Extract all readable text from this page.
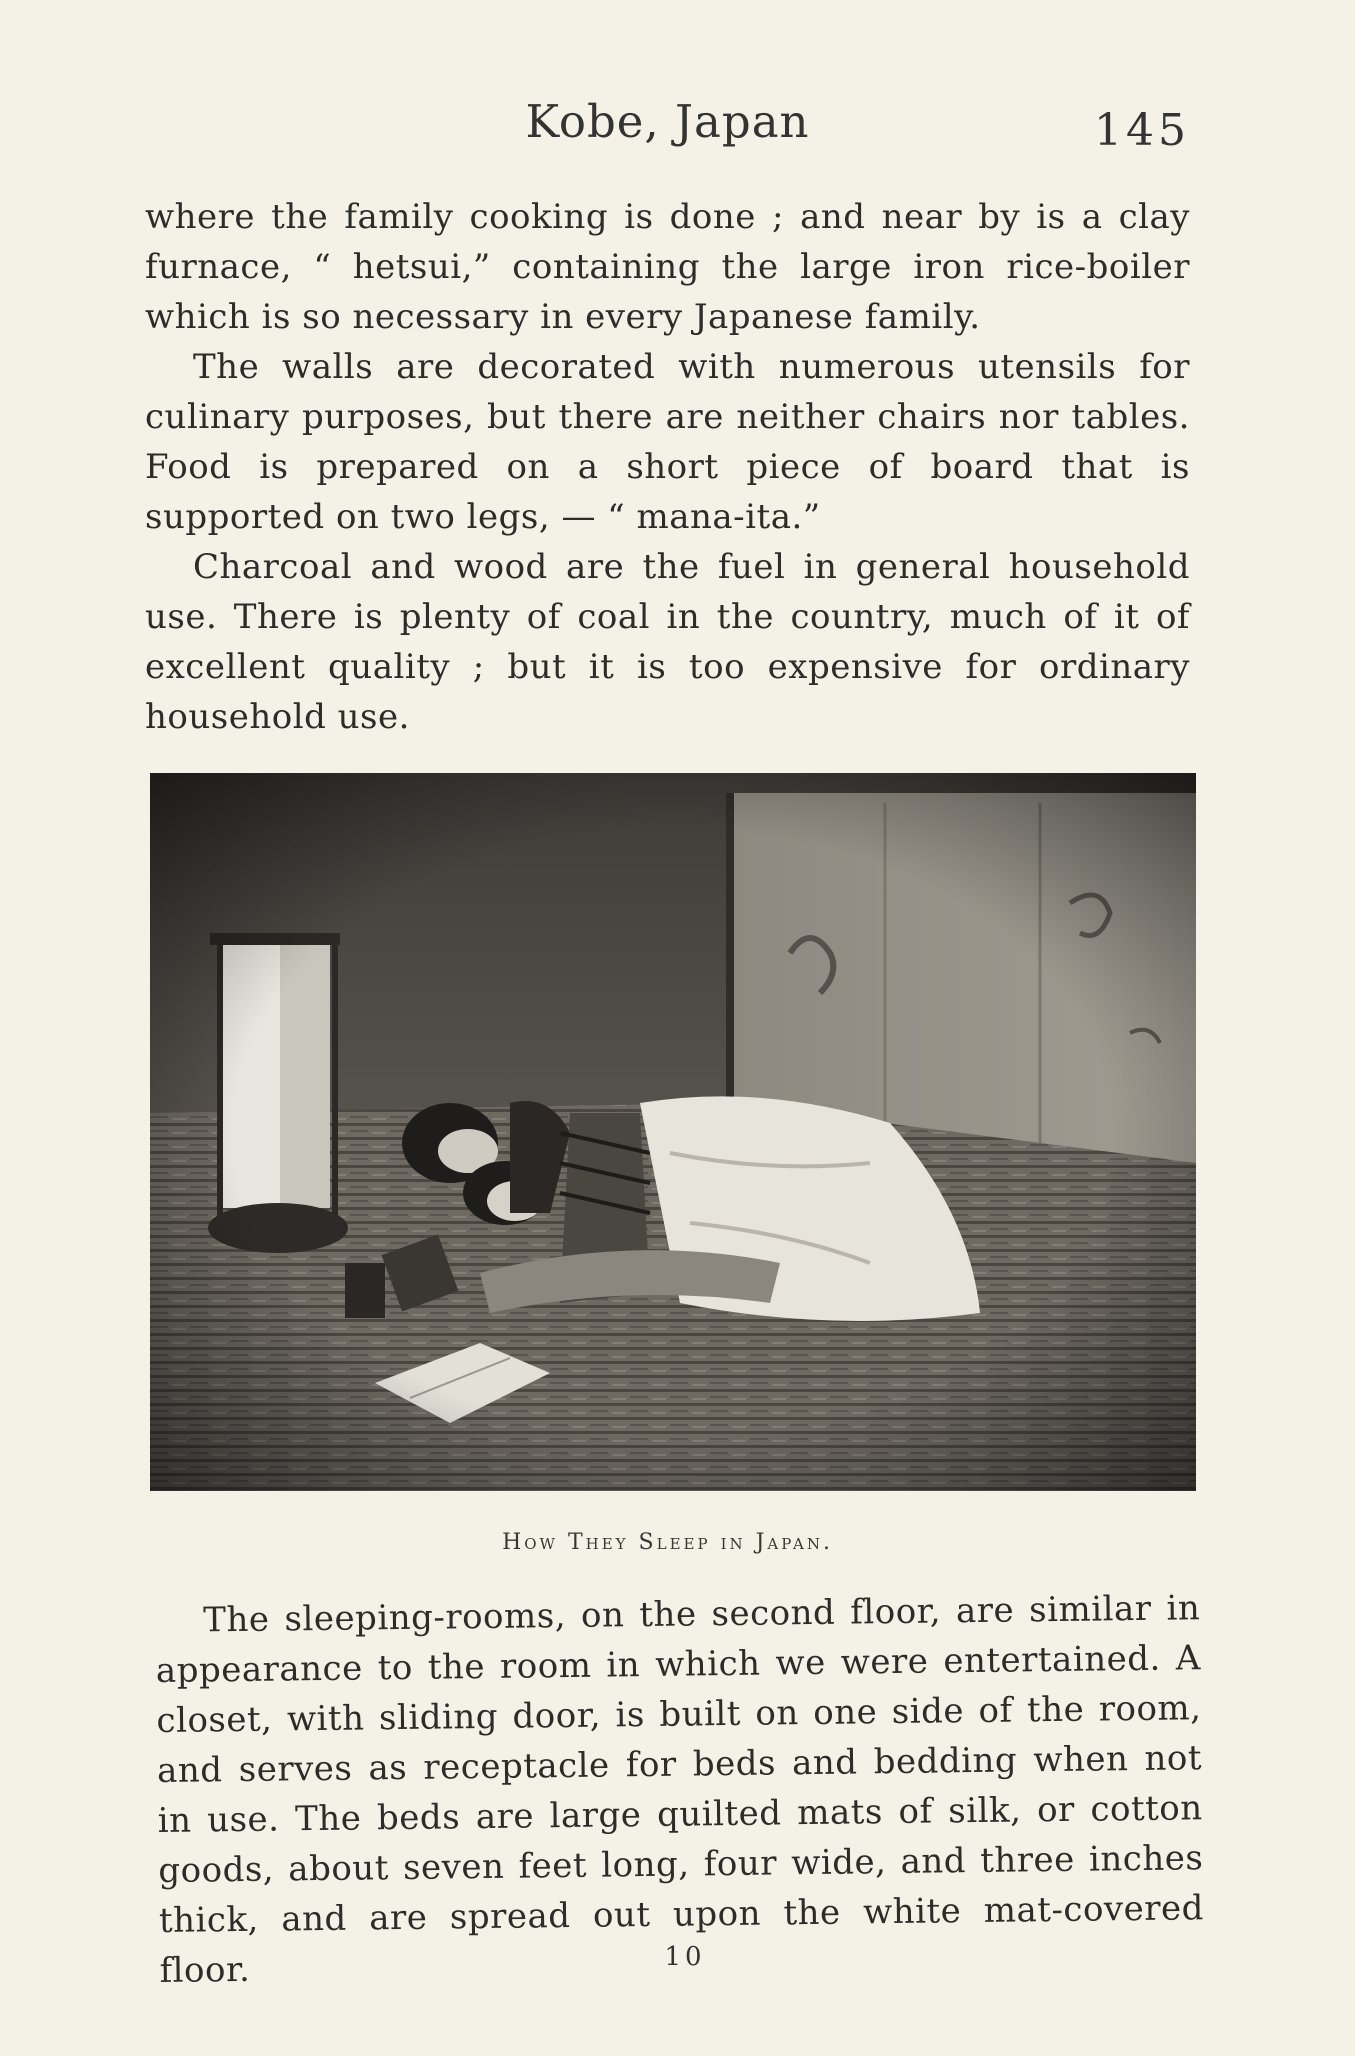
Kobe, Japan	145

where the family cooking is done ; and near by is a clay furnace, “ hetsui,” containing the large iron rice-boiler which is so necessary in every Japanese family.

The walls are decorated with numerous utensils for culinary purposes, but there are neither chairs nor tables. Food is prepared on a short piece of board that is supported on two legs, — “ mana-ita.”

Charcoal and wood are the fuel in general household use. There is plenty of coal in the country, much of it of excellent quality ; but it is too expensive for ordinary household use.

How They Sleep in Japan.

The sleeping-rooms, on the second floor, are similar in appearance to the room in which we were entertained. A closet, with sliding door, is built on one side of the room, and serves as receptacle for beds and bedding when not in use. The beds are large quilted mats of silk, or cotton goods, about seven feet long, four wide, and three inches thick, and are spread out upon the white mat-covered floor.	10
